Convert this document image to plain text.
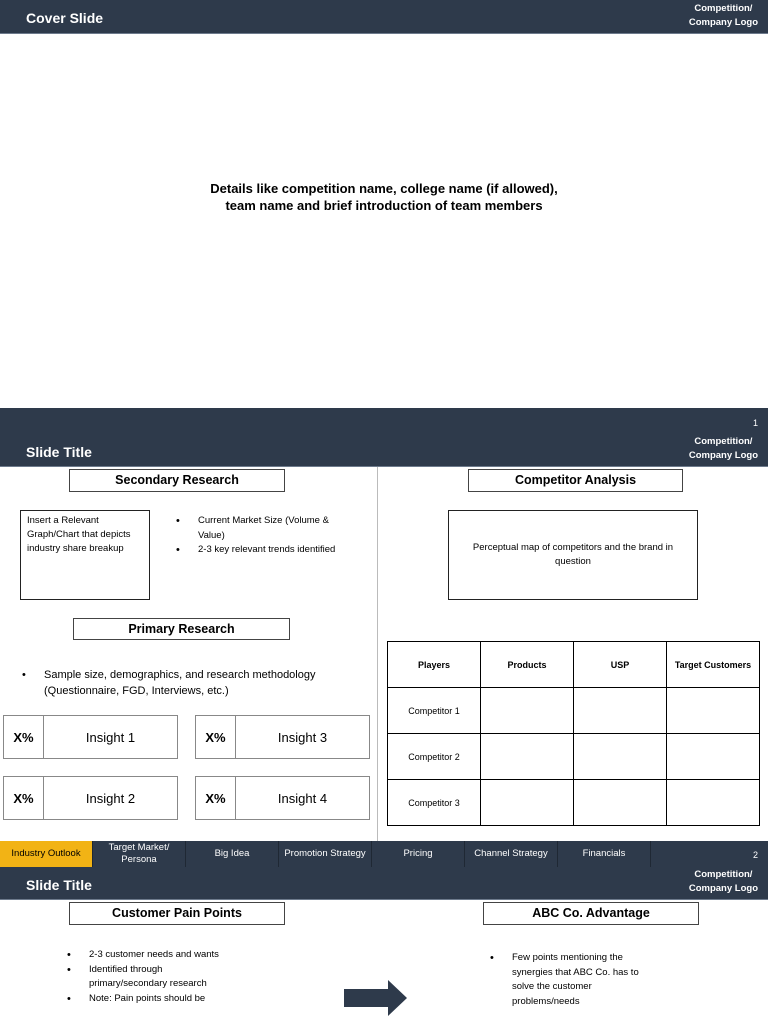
Cover Slide
Competition/
Company Logo
Details like competition name, college name (if allowed),
team name and brief introduction of team members
1
Slide Title
Competition/
Company Logo
Secondary Research
Insert a Relevant Graph/Chart that depicts industry share breakup
• Current Market Size (Volume & Value)
• 2-3 key relevant trends identified
Primary Research
• Sample size, demographics, and research methodology (Questionnaire, FGD, Interviews, etc.)
X%	Insight 1	X%	Insight 3
X%	Insight 2	X%	Insight 4
Competitor Analysis
Perceptual map of competitors and the brand in question
Players	Products	USP	Target Customers
Competitor 1			
Competitor 2			
Competitor 3			
Industry Outlook
Target Market/ Persona
Big Idea	Promotion Strategy	Pricing	Channel Strategy	Financials	2
Slide Title
Competition/
Company Logo
Customer Pain Points
• 2-3 customer needs and wants
• Identified through primary/secondary research
• Note: Pain points should be
ABC Co. Advantage
• Few points mentioning the synergies that ABC Co. has to solve the customer problems/needs
